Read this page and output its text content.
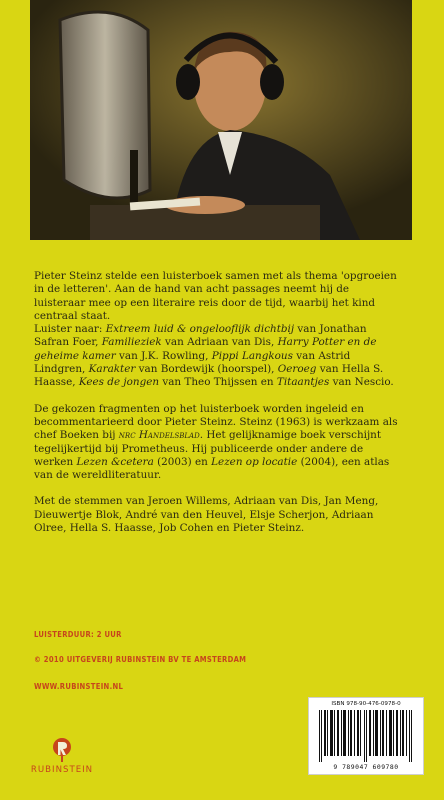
Pieter Steinz stelde een luisterboek samen met als thema 'opgroeien in de letteren'. Aan de hand van acht passages neemt hij de luisteraar mee op een literaire reis door de tijd, waarbij het kind centraal staat.

Luister naar: Extreem luid & ongelooflijk dichtbij van Jonathan Safran Foer, Familieziek van Adriaan van Dis, Harry Potter en de geheime kamer van J.K. Rowling, Pippi Langkous van Astrid Lindgren, Karakter van Bordewijk (hoorspel), Oeroeg van Hella S. Haasse, Kees de jongen van Theo Thijssen en Titaantjes van Nescio.

De gekozen fragmenten op het luisterboek worden ingeleid en becommentarieerd door Pieter Steinz. Steinz (1963) is werkzaam als chef Boeken bij nrc Handelsblad. Het gelijknamige boek verschijnt tegelijkertijd bij Prometheus. Hij publiceerde onder andere de werken Lezen &cetera (2003) en Lezen op locatie (2004), een atlas van de wereldliteratuur.

Met de stemmen van Jeroen Willems, Adriaan van Dis, Jan Meng, Dieuwertje Blok, André van den Heuvel, Elsje Scherjon, Adriaan Olree, Hella S. Haasse, Job Cohen en Pieter Steinz.

LUISTERDUUR: 2 UUR
© 2010 UITGEVERIJ RUBINSTEIN BV TE AMSTERDAM
WWW.RUBINSTEIN.NL
ISBN 978-90-476-0978-0
9 789047 609780
RUBINSTEIN
